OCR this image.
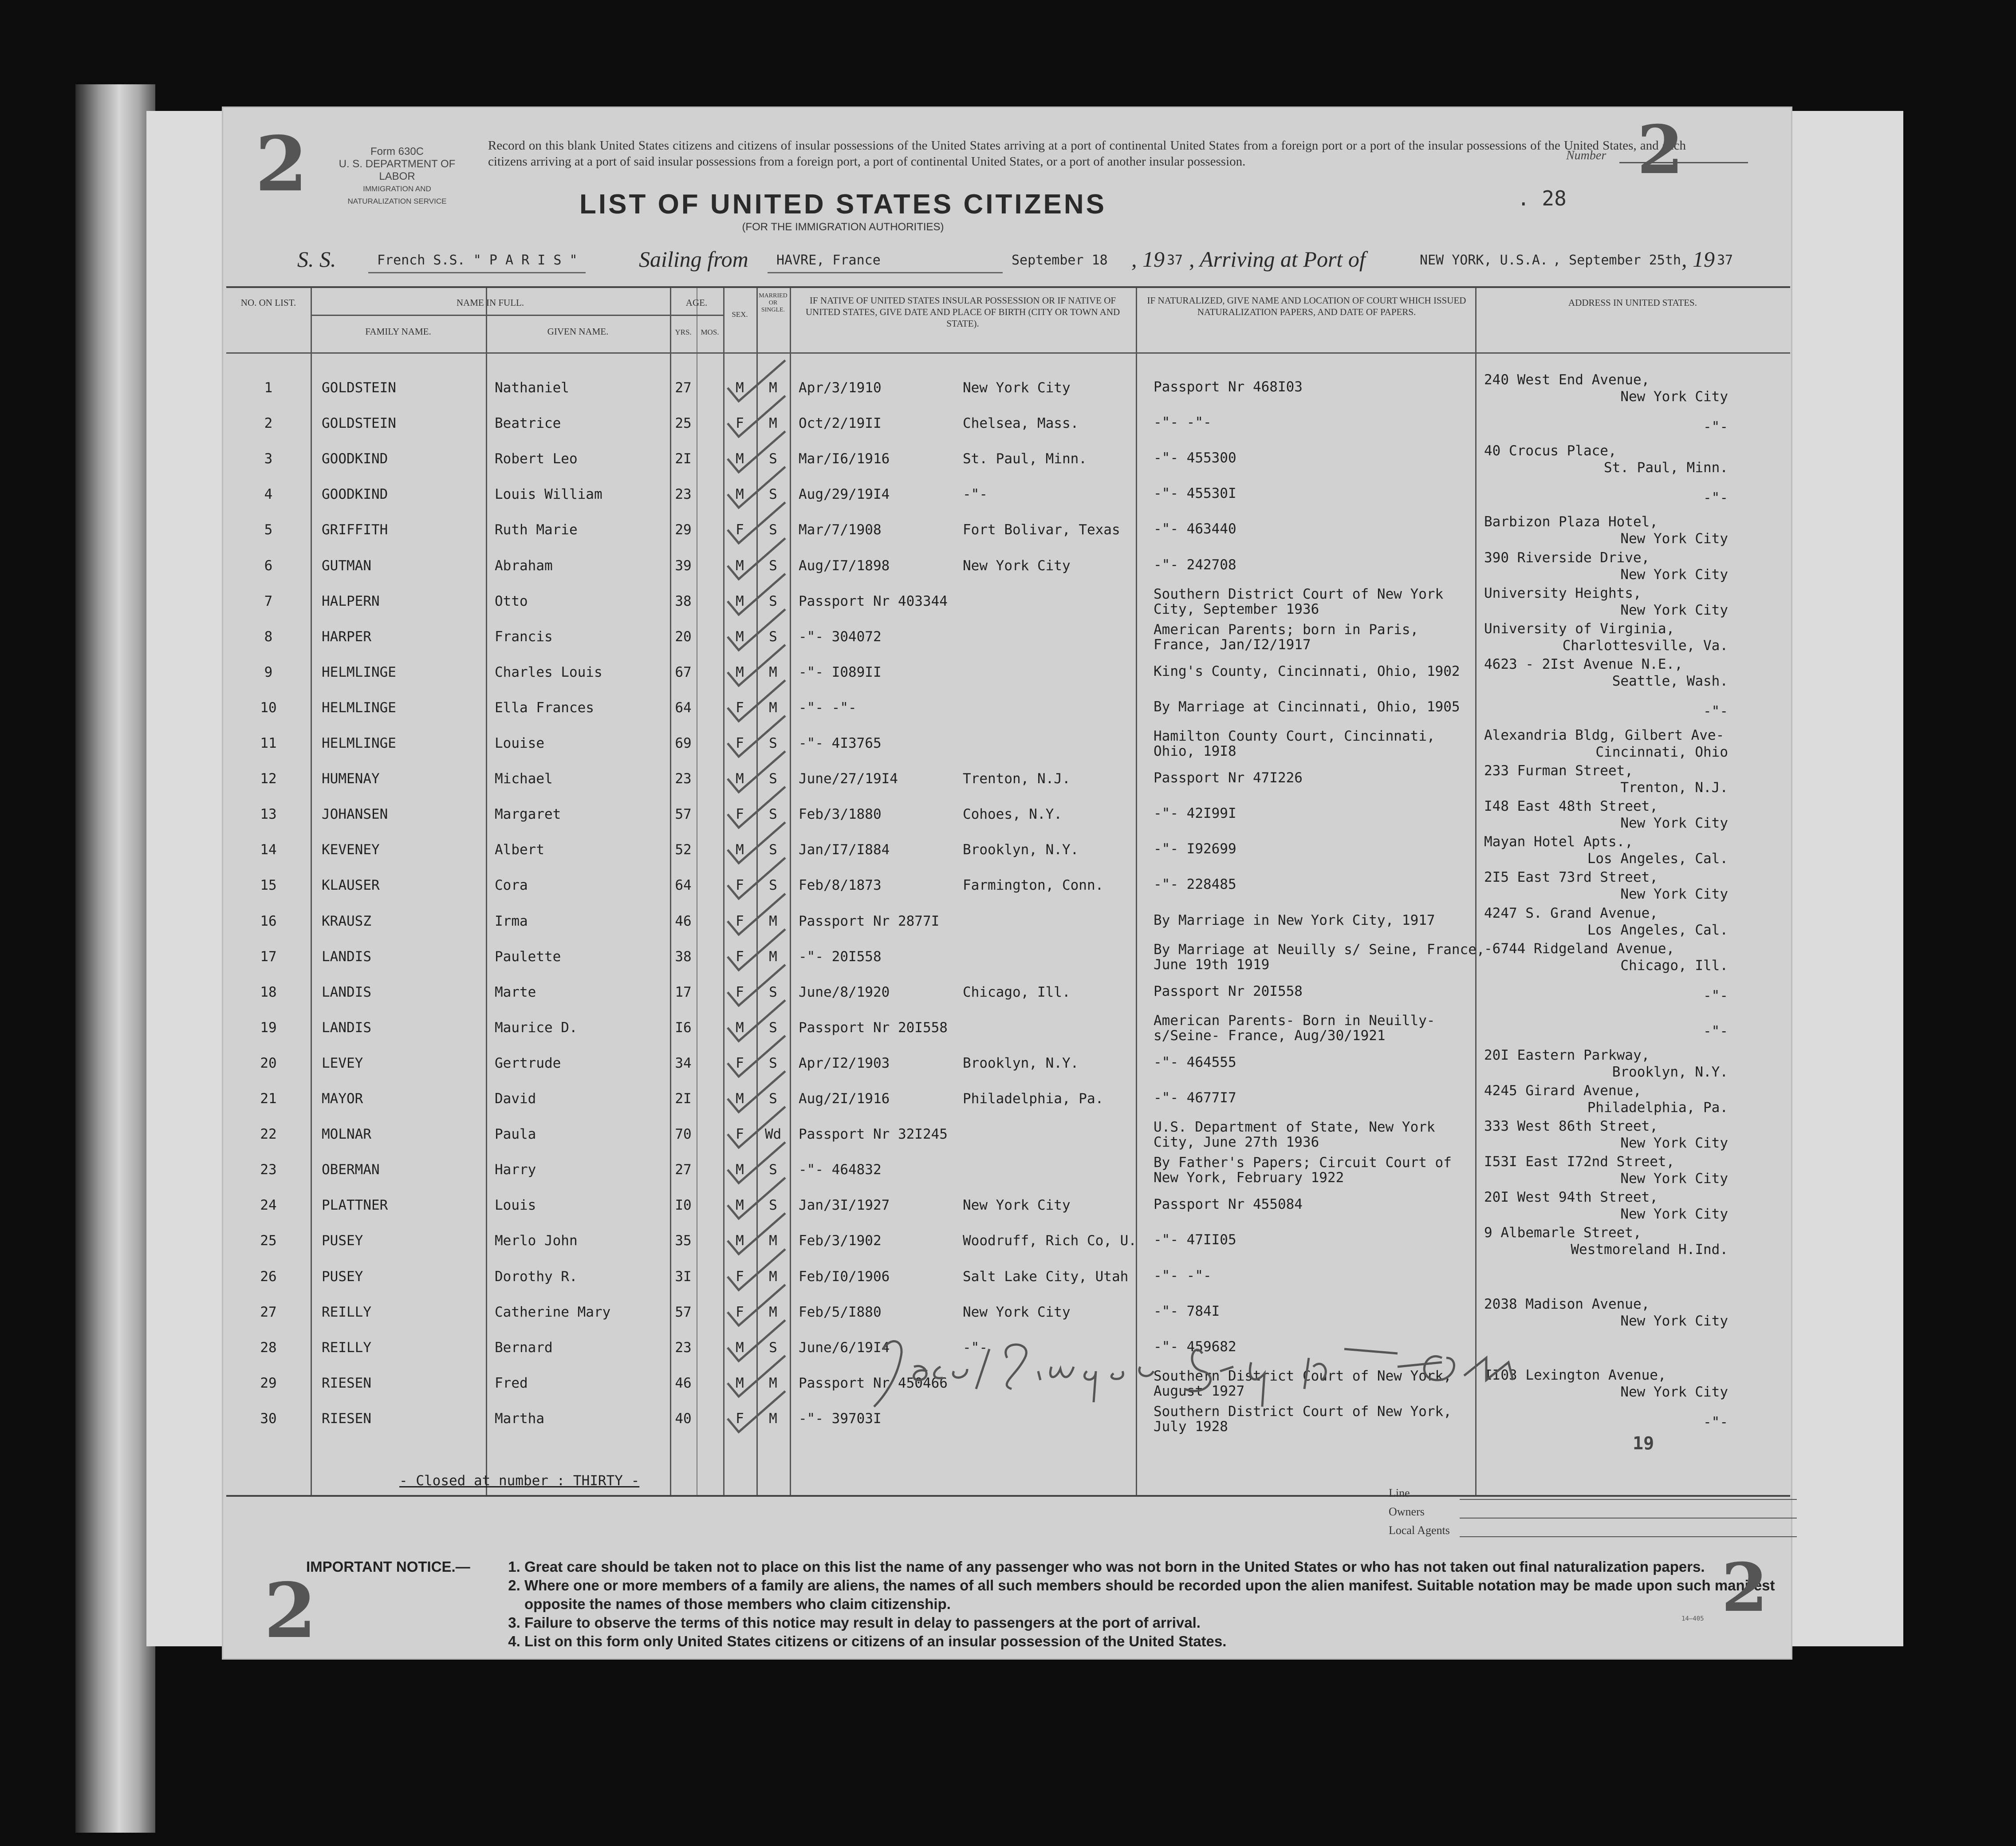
2	Form 630C
U. S. DEPARTMENT OF LABOR
IMMIGRATION AND NATURALIZATION SERVICE
Record on this blank United States citizens and citizens of insular possessions of the United States arriving at a port of continental United States from a foreign port or a port of the insular possessions of the United States, and such citizens arriving at a port of said insular possessions from a foreign port, a port of continental United States, or a port of another insular possession.	Number 2
. 28
LIST OF UNITED STATES CITIZENS
(FOR THE IMMIGRATION AUTHORITIES)
S. S.	French S.S. " P A R I S "	Sailing from HAVRE, France	September 18 , 19 37 , Arriving at Port of	NEW YORK, U.S.A. , September 25th , 19 37
NO. ON LIST.	NAME IN FULL.
FAMILY NAME.	GIVEN NAME.
AGE.
YRS.	MOS.
SEX.
MARRIED OR SINGLE.
IF NATIVE OF UNITED STATES INSULAR POSSESSION OR IF NATIVE OF UNITED STATES, GIVE DATE AND PLACE OF BIRTH (CITY OR TOWN AND STATE).
IF NATURALIZED, GIVE NAME AND LOCATION OF COURT WHICH ISSUED NATURALIZATION PAPERS, AND DATE OF PAPERS.
ADDRESS IN UNITED STATES.
1	GOLDSTEIN	Nathaniel	27	M	M	Apr/3/1910	New York City	240 West End Avenue,
Passport Nr 468I03
New York City
2	GOLDSTEIN	Beatrice	25	F	M	Oct/2/19II	Chelsea, Mass.	-"- -"-	-"-
3	GOODKIND	Robert Leo	2I	M	S	Mar/I6/1916	St. Paul, Minn.	40 Crocus Place,
-"- 455300
St. Paul, Minn.
4	GOODKIND	Louis William	23	M	S	Aug/29/19I4	-"-	-"- 45530I	-"-
5	GRIFFITH	Ruth Marie	29	F	S	Mar/7/1908	Fort Bolivar, Texas	Barbizon Plaza Hotel,
-"- 463440
New York City
6	GUTMAN	Abraham	39	M	S	Aug/I7/1898	New York City	390 Riverside Drive,
-"- 242708
New York City
7	HALPERN	Otto	38	M	S	Passport Nr 403344	University Heights,
Southern District Court of New York
City, September 1936	New York City
8	HARPER	Francis	20	M	S	-"- 304072	University of Virginia,
American Parents; born in Paris,
France, Jan/I2/1917	Charlottesville, Va.
9	HELMLINGE	Charles Louis	67	M	M	-"- I089II	4623 - 2Ist Avenue N.E.,
King's County, Cincinnati, Ohio, 1902
Seattle, Wash.
10	HELMLINGE	Ella Frances	64	F	M	-"- -"-	By Marriage at Cincinnati, Ohio, 1905	-"-
11	HELMLINGE	Louise	69	F	S	-"- 4I3765	Alexandria Bldg, Gilbert Ave-
Hamilton County Court, Cincinnati,
Ohio, 19I8	Cincinnati, Ohio
12	HUMENAY	Michael	23	M	S	June/27/19I4	Trenton, N.J.	233 Furman Street,
Passport Nr 47I226
Trenton, N.J.
13	JOHANSEN	Margaret	57	F	S	Feb/3/1880	Cohoes, N.Y.	I48 East 48th Street,
-"- 42I99I
New York City
14	KEVENEY	Albert	52	M	S	Jan/I7/I884	Brooklyn, N.Y.	Mayan Hotel Apts.,
-"- I92699
Los Angeles, Cal.
15	KLAUSER	Cora	64	F	S	Feb/8/1873	Farmington, Conn.	2I5 East 73rd Street,
-"- 228485
New York City
16	KRAUSZ	Irma	46	F	M	Passport Nr 2877I	4247 S. Grand Avenue,
By Marriage in New York City, 1917
Los Angeles, Cal.
17	LANDIS	Paulette	38	F	M	-"- 20I558	-6744 Ridgeland Avenue,
By Marriage at Neuilly s/ Seine, France,
June 19th 1919	Chicago, Ill.
18	LANDIS	Marte	17	F	S	June/8/1920	Chicago, Ill.	Passport Nr 20I558	-"-
19	LANDIS	Maurice D.	I6	M	S	Passport Nr 20I558	American Parents- Born in Neuilly-
s/Seine- France, Aug/30/1921	-"-
20	LEVEY	Gertrude	34	F	S	Apr/I2/1903	Brooklyn, N.Y.	20I Eastern Parkway,
-"- 464555
Brooklyn, N.Y.
21	MAYOR	David	2I	M	S	Aug/2I/1916	Philadelphia, Pa.	4245 Girard Avenue,
-"- 4677I7
Philadelphia, Pa.
22	MOLNAR	Paula	70	F	Wd	Passport Nr 32I245	333 West 86th Street,
U.S. Department of State, New York
City, June 27th 1936	New York City
23	OBERMAN	Harry	27	M	S	-"- 464832	I53I East I72nd Street,
By Father's Papers; Circuit Court of
New York, February 1922	New York City
24	PLATTNER	Louis	I0	M	S	Jan/3I/1927	New York City	20I West 94th Street,
Passport Nr 455084
New York City
25	PUSEY	Merlo John	35	M	M	Feb/3/1902	Woodruff, Rich Co, U.	9 Albemarle Street,
-"- 47II05
Westmoreland H.Ind.
26	PUSEY	Dorothy R.	3I	F	M	Feb/I0/1906	Salt Lake City, Utah -"- -"-
27	REILLY	Catherine Mary	57	F	M	Feb/5/I880	New York City	2038 Madison Avenue,
-"- 784I
New York City
28	REILLY	Bernard	23	M	S	June/6/19I4	-"-	-"- 459682
29	RIESEN	Fred	46	M	M	Passport Nr 450466	II03 Lexington Avenue,
Southern District Court of New York,
August 1927	New York City
30	RIESEN	Martha	40	F	M	-"- 39703I	Southern District Court of New York,
July 1928	-"-
- Closed at number : THIRTY -
19
Line
Owners
Local Agents
IMPORTANT NOTICE.—
1.	Great care should be taken not to place on this list the name of any passenger who was not born in the United States or who has not taken out final naturalization papers.
2. Where one or more members of a family are aliens, the names of all such members should be recorded upon the alien manifest. Suitable notation may be made upon such manifest opposite the names of those members who claim citizenship.
3. Failure to observe the terms of this notice may result in delay to passengers at the port of arrival.
4. List on this form only United States citizens or citizens of an insular possession of the United States.
2	14—405 2
